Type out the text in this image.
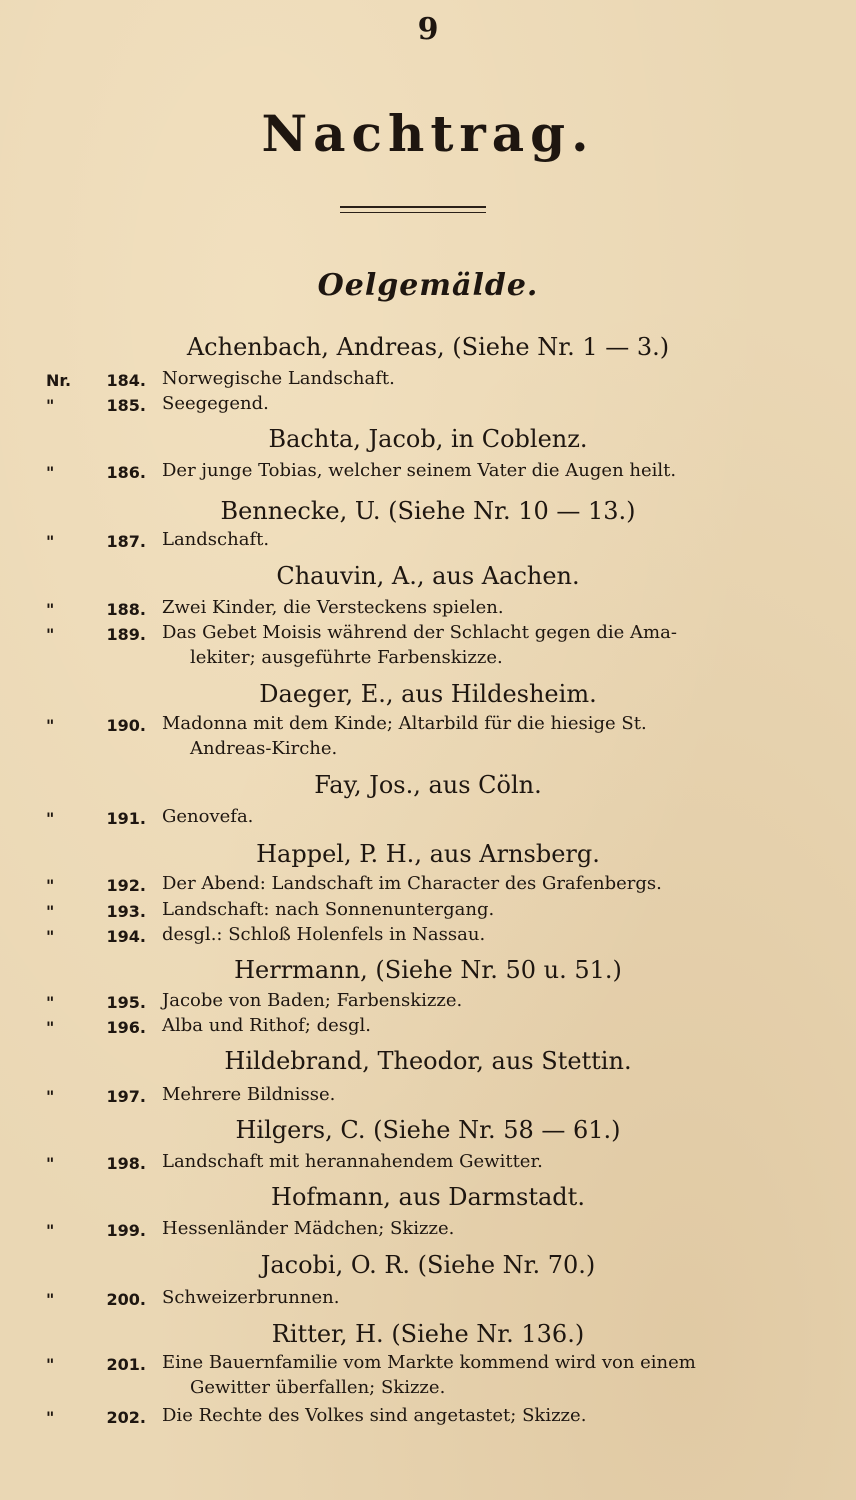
9
Nachtrag.
Oelgemälde.
Achenbach, Andreas, (Siehe Nr. 1 — 3.)
Nr.	184. Norwegische Landschaft.
"	185. Seegegend.
Bachta, Jacob, in Coblenz.
"	186. Der junge Tobias, welcher seinem Vater die Augen heilt.
Bennecke, U. (Siehe Nr. 10 — 13.)
"	187. Landschaft.
Chauvin, A., aus Aachen.
"	188. Zwei Kinder, die Versteckens spielen.
"	189. Das Gebet Moisis während der Schlacht gegen die Ama-
lekiter; ausgeführte Farbenskizze.
Daeger, E., aus Hildesheim.
"	190. Madonna mit dem Kinde; Altarbild für die hiesige St.
Andreas-Kirche.
Fay, Jos., aus Cöln.
"	191. Genovefa.
Happel, P. H., aus Arnsberg.
"	192. Der Abend: Landschaft im Character des Grafenbergs.
"	193. Landschaft: nach Sonnenuntergang.
"	194. desgl.: Schloß Holenfels in Nassau.
Herrmann, (Siehe Nr. 50 u. 51.)
"	195. Jacobe von Baden; Farbenskizze.
"	196. Alba und Rithof; desgl.
Hildebrand, Theodor, aus Stettin.
"	197. Mehrere Bildnisse.
Hilgers, C. (Siehe Nr. 58 — 61.)
"	198. Landschaft mit herannahendem Gewitter.
Hofmann, aus Darmstadt.
"	199. Hessenländer Mädchen; Skizze.
Jacobi, O. R. (Siehe Nr. 70.)
"	200. Schweizerbrunnen.
Ritter, H. (Siehe Nr. 136.)
"	201. Eine Bauernfamilie vom Markte kommend wird von einem
Gewitter überfallen; Skizze.
"	202. Die Rechte des Volkes sind angetastet; Skizze.
